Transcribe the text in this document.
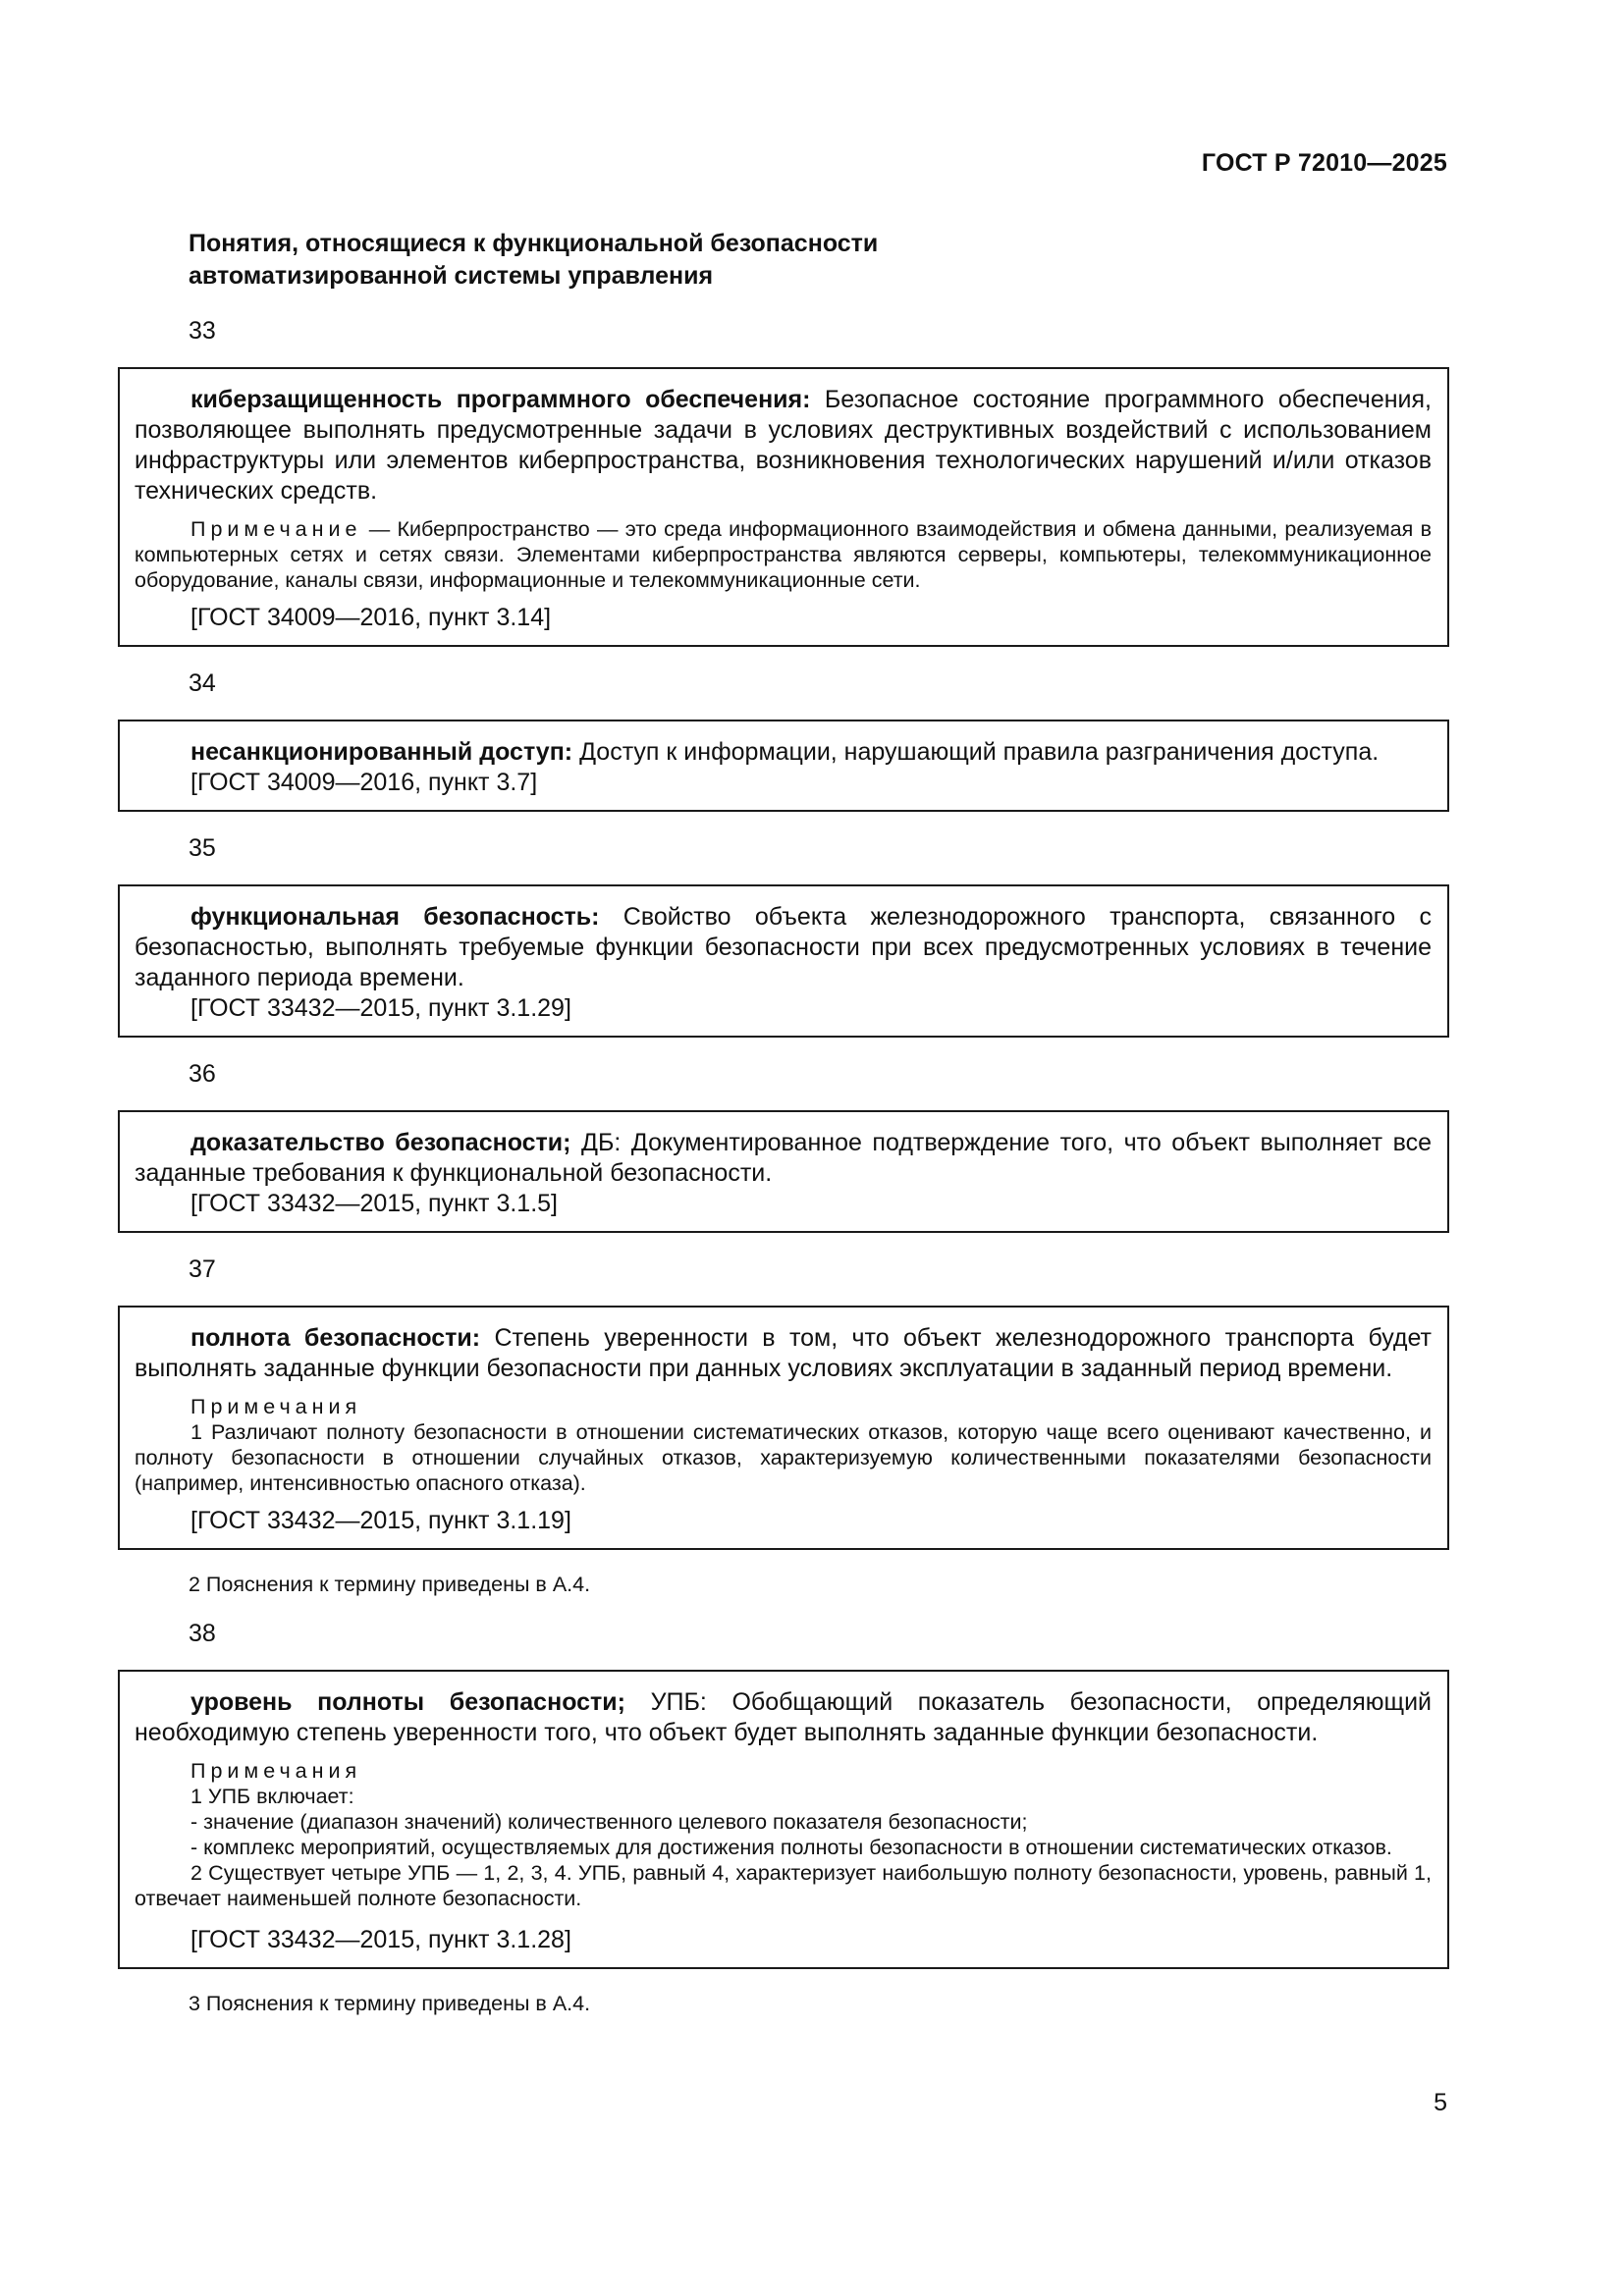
ГОСТ Р 72010—2025
Понятия, относящиеся к функциональной безопасности
автоматизированной системы управления
33

киберзащищенность программного обеспечения: Безопасное состояние программного обеспечения, позволяющее выполнять предусмотренные задачи в условиях деструктивных воздействий с использованием инфраструктуры или элементов киберпространства, возникновения технологических нарушений и/или отказов технических средств.

Примечание — Киберпространство — это среда информационного взаимодействия и обмена данными, реализуемая в компьютерных сетях и сетях связи. Элементами киберпространства являются серверы, компьютеры, телекоммуникационное оборудование, каналы связи, информационные и телекоммуникационные сети.

[ГОСТ 34009—2016, пункт 3.14]
34

несанкционированный доступ: Доступ к информации, нарушающий правила разграничения доступа.

[ГОСТ 34009—2016, пункт 3.7]
35

функциональная безопасность: Свойство объекта железнодорожного транспорта, связанного с безопасностью, выполнять требуемые функции безопасности при всех предусмотренных условиях в течение заданного периода времени.

[ГОСТ 33432—2015, пункт 3.1.29]
36

доказательство безопасности; ДБ: Документированное подтверждение того, что объект выполняет все заданные требования к функциональной безопасности.

[ГОСТ 33432—2015, пункт 3.1.5]
37

полнота безопасности: Степень уверенности в том, что объект железнодорожного транспорта будет выполнять заданные функции безопасности при данных условиях эксплуатации в заданный период времени.

Примечания

1 Различают полноту безопасности в отношении систематических отказов, которую чаще всего оценивают качественно, и полноту безопасности в отношении случайных отказов, характеризуемую количественными показателями безопасности (например, интенсивностью опасного отказа).

[ГОСТ 33432—2015, пункт 3.1.19]

2 Пояснения к термину приведены в А.4.

38

уровень полноты безопасности; УПБ: Обобщающий показатель безопасности, определяющий необходимую степень уверенности того, что объект будет выполнять заданные функции безопасности.

Примечания

1 УПБ включает:

- значение (диапазон значений) количественного целевого показателя безопасности;

- комплекс мероприятий, осуществляемых для достижения полноты безопасности в отношении систематических отказов.

2 Существует четыре УПБ — 1, 2, 3, 4. УПБ, равный 4, характеризует наибольшую полноту безопасности, уровень, равный 1, отвечает наименьшей полноте безопасности.

[ГОСТ 33432—2015, пункт 3.1.28]

3 Пояснения к термину приведены в А.4.

5
